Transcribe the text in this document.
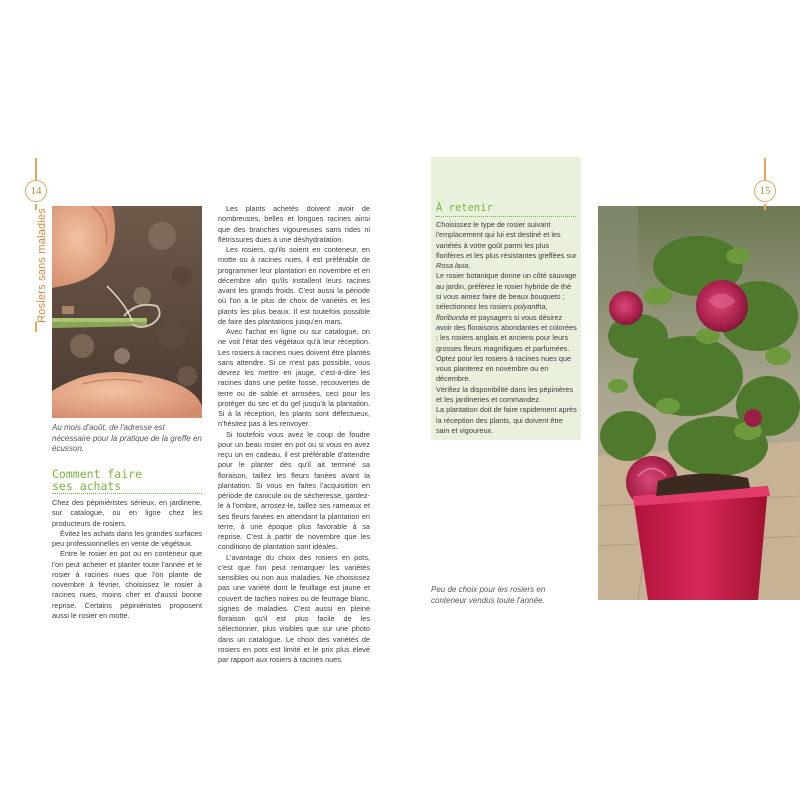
14
Rosiers sans maladies
Au mois d'août, de l'adresse est nécessaire pour la pratique de la greffe en écusson.
Comment faire ses achats

Chez des pépiniéristes sérieux, en jardinerie, sur catalogue, ou en ligne chez les producteurs de rosiers.

Évitez les achats dans les grandes surfaces peu professionnelles en vente de végétaux.

Entre le rosier en pot ou en conteneur que l'on peut acheter et planter toute l'année et le rosier à racines nues que l'on plante de novembre à février, choisissez le rosier à racines nues, moins cher et d'aussi bonne reprise. Certains pépiniéristes proposent aussi le rosier en motte.

Les plants achetés doivent avoir de nombreuses, belles et longues racines ainsi que des branches vigoureuses sans rides ni flétrissures dues à une déshydratation.

Les rosiers, qu'ils soient en conteneur, en motte ou à racines nues, il est préférable de programmer leur plantation en novembre et en décembre afin qu'ils installent leurs racines avant les grands froids. C'est aussi la période où l'on a le plus de choix de variétés et les plants les plus beaux. Il est toutefois possible de faire des plantations jusqu'en mars.

Avec l'achat en ligne ou sur catalogue, on ne voit l'état des végétaux qu'à leur réception. Les rosiers à racines nues doivent être plantés sans attendre. Si ce n'est pas possible, vous devrez les mettre en jauge, c'est-à-dire les racines dans une petite fosse, recouvertes de terre ou de sable et arrosées, ceci pour les protéger du sec et du gel jusqu'à la plantation. Si à la réception, les plants sont défectueux, n'hésitez pas à les renvoyer.

Si toutefois vous avez le coup de foudre pour un beau rosier en pot ou si vous en avez reçu un en cadeau, il est préférable d'attendre pour le planter dès qu'il ait terminé sa floraison, taillez les fleurs fanées avant la plantation. Si vous en faites l'acquisition en période de canicule ou de sécheresse, gardez-le à l'ombre, arrosez-le, taillez ses rameaux et ses fleurs fanées en attendant la plantation en terre, à une époque plus favorable à sa reprise. C'est à partir de novembre que les conditions de plantation sont idéales.

L'avantage du choix des rosiers en pots, c'est que l'on peut remarquer les variétés sensibles ou non aux maladies. Ne choisissez pas une variété dont le feuillage est jaune et couvert de taches noires ou de feutrage blanc, signes de maladies. C'est aussi en pleine floraison qu'il est plus facile de les sélectionner, plus visibles que sur une photo dans un catalogue. Le choix des variétés de rosiers en pots est limité et le prix plus élevé par rapport aux rosiers à racines nues.

À retenir

Choisissez le type de rosier suivant l'emplacement qui lui est destiné et les variétés à votre goût parmi les plus florifères et les plus résistantes greffées sur Rosa laxa.

Le rosier botanique donne un côté sauvage au jardin, préférez le rosier hybride de thé si vous aimez faire de beaux bouquets ; sélectionnez les rosiers polyantha, floribunda et paysagers si vous désirez avoir des floraisons abondantes et colorées ; les rosiers anglais et anciens pour leurs grosses fleurs magnifiques et parfumées.

Optez pour les rosiers à racines nues que vous planterez en novembre ou en décembre.

Vérifiez la disponibilité dans les pépinières et les jardineries et commandez.

La plantation doit de faire rapidement après la réception des plants, qui doivent être sain et vigoureux.

Peu de choix pour les rosiers en conteneur vendus toute l'année.
15
